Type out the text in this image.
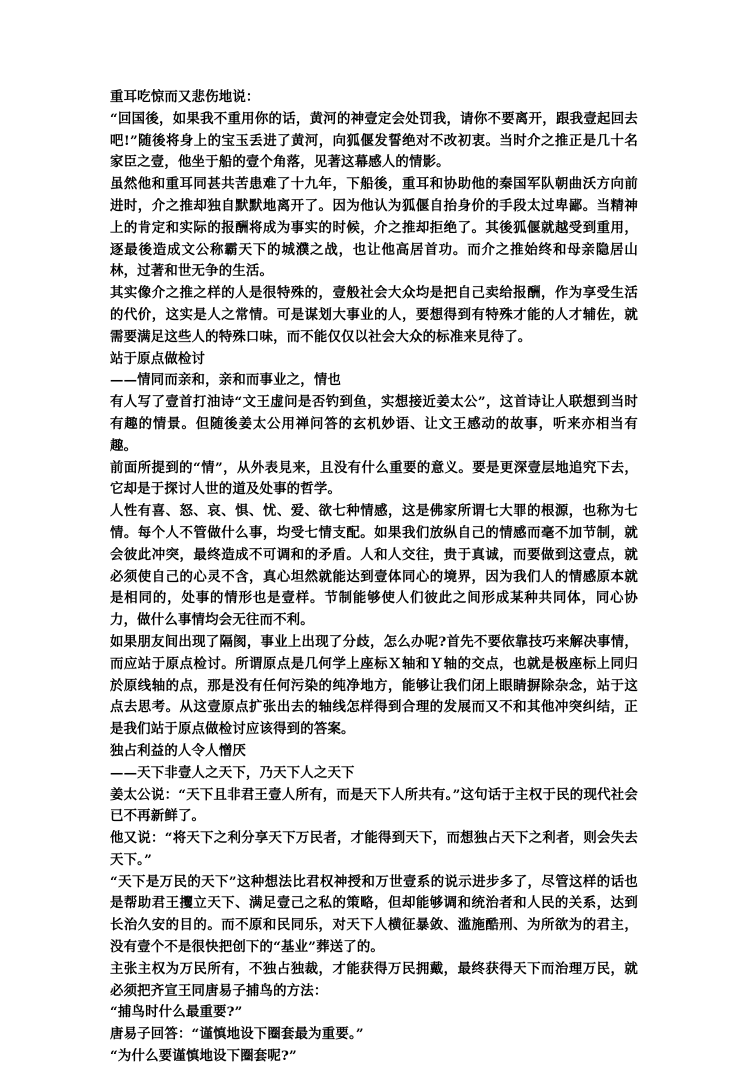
重耳吃惊而又悲伤地说：

“回国後，如果我不重用你的话，黄河的神壹定会处罚我，请你不要离开，跟我壹起回去吧!”随後将身上的宝玉丢进了黄河，向狐偃发誓绝对不改初衷。当时介之推正是几十名家臣之壹，他坐于船的壹个角落，见著这幕感人的情影。

虽然他和重耳同甚共苦患难了十九年，下船後，重耳和协助他的秦国军队朝曲沃方向前进时，介之推却独自默默地离开了。因为他认为狐偃自抬身价的手段太过卑鄙。当精神上的肯定和实际的报酬将成为事实的时候，介之推却拒绝了。其後狐偃就越受到重用，逐最後造成文公称霸天下的城濮之战，也让他高居首功。而介之推始终和母亲隐居山林，过著和世无争的生活。

其实像介之推之样的人是很特殊的，壹般社会大众均是把自己卖给报酬，作为享受生活的代价，这实是人之常情。可是谋划大事业的人，要想得到有特殊才能的人才辅佐，就需要满足这些人的特殊口味，而不能仅仅以社会大众的标准来見待了。

站于原点做检讨

——情同而亲和，亲和而事业之，情也

有人写了壹首打油诗“文王虚问是否钓到鱼，实想接近姜太公”，这首诗让人联想到当时有趣的情景。但随後姜太公用禅问答的玄机妙语、让文王感动的故事，听来亦相当有趣。

前面所提到的“情”，从外表見来，且没有什么重要的意义。要是更深壹层地追究下去，它却是于探讨人世的道及处事的哲学。

人性有喜、怒、哀、惧、忧、爱、欲七种情感，这是佛家所谓七大罪的根源，也称为七情。每个人不管做什么事，均受七情支配。如果我们放纵自己的情感而毫不加节制，就会彼此冲突，最终造成不可调和的矛盾。人和人交往，贵于真诚，而要做到这壹点，就必须使自己的心灵不含，真心坦然就能达到壹体同心的境界，因为我们人的情感原本就是相同的，处事的情形也是壹样。节制能够使人们彼此之间形成某种共同体，同心协力，做什么事情均会无往而不利。

如果朋友间出现了隔阂，事业上出现了分歧，怎么办呢?首先不要依靠技巧来解决事情，而应站于原点检讨。所谓原点是几何学上座标Ｘ轴和Ｙ轴的交点，也就是极座标上同归於原线轴的点，那是没有任何污染的纯净地方，能够让我们闭上眼睛摒除杂念，站于这点去思考。从这壹原点扩张出去的轴线怎样得到合理的发展而又不和其他冲突纠结，正是我们站于原点做检讨应该得到的答案。

独占利益的人令人憎厌

——天下非壹人之天下，乃天下人之天下

姜太公说：“天下且非君王壹人所有，而是天下人所共有。”这句话于主权于民的现代社会已不再新鲜了。

他又说：“将天下之利分享天下万民者，才能得到天下，而想独占天下之利者，则会失去天下。”

“天下是万民的天下”这种想法比君权神授和万世壹系的说示进步多了，尽管这样的话也是帮助君王攫立天下、满足壹己之私的策略，但却能够调和统治者和人民的关系，达到长治久安的目的。而不原和民同乐，对天下人横征暴敛、滥施酷刑、为所欲为的君主，没有壹个不是很快把创下的“基业”葬送了的。

主张主权为万民所有，不独占独裁，才能获得万民拥戴，最终获得天下而治理万民，就必须把齐宣王同唐易子捕鸟的方法：

“捕鸟时什么最重要?”

唐易子回答：“谨慎地设下圈套最为重要。”

“为什么要谨慎地设下圈套呢?”
